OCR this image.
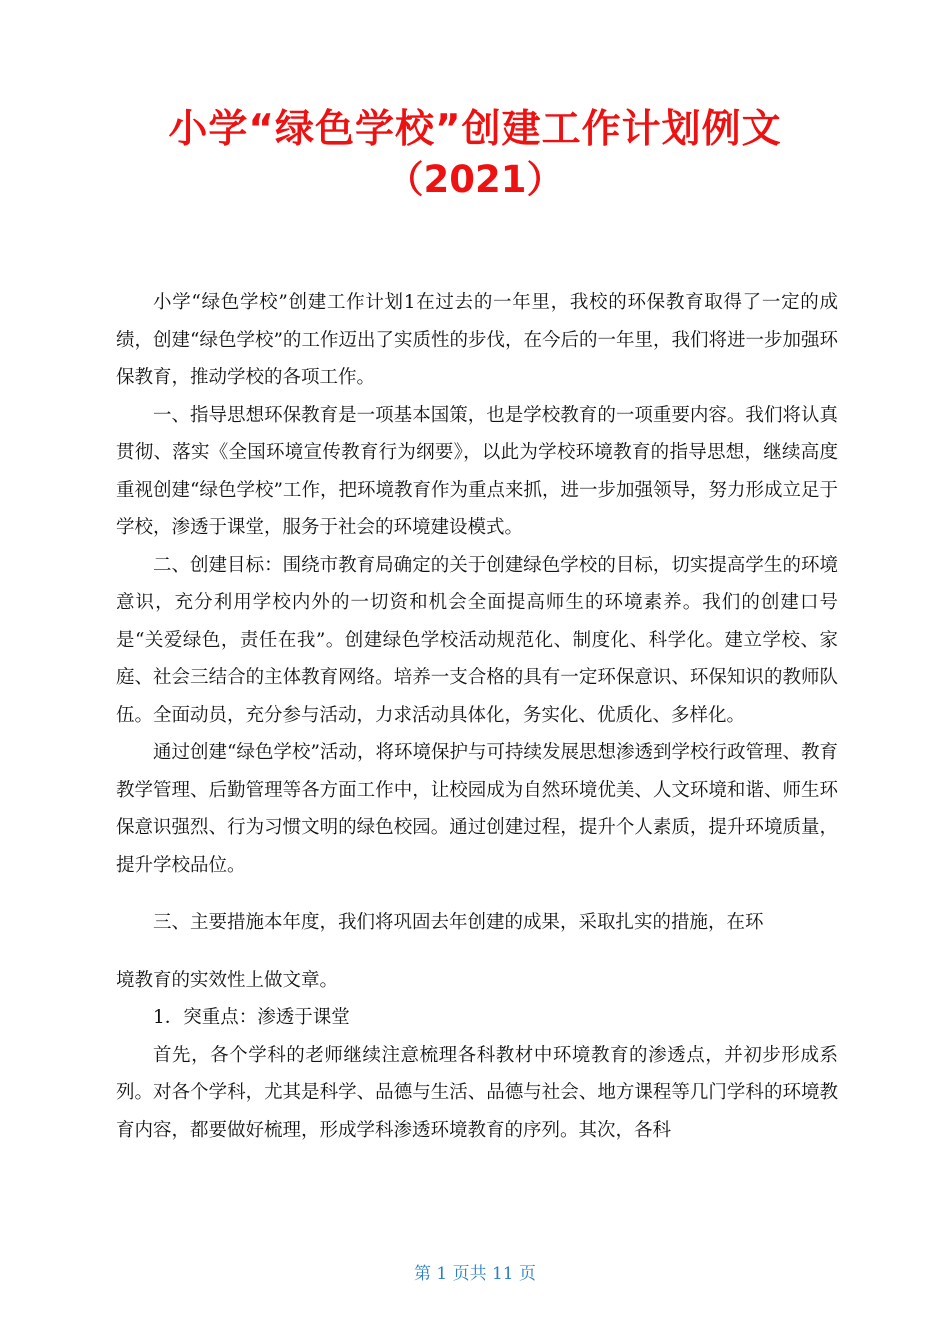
小学“绿色学校”创建工作计划例文
（2021）

小学“绿色学校”创建工作计划1在过去的一年里，我校的环保教育取得了一定的成绩，创建“绿色学校”的工作迈出了实质性的步伐，在今后的一年里，我们将进一步加强环保教育，推动学校的各项工作。

一、指导思想环保教育是一项基本国策，也是学校教育的一项重要内容。我们将认真贯彻、落实《全国环境宣传教育行为纲要》，以此为学校环境教育的指导思想，继续高度重视创建“绿色学校”工作，把环境教育作为重点来抓，进一步加强领导，努力形成立足于学校，渗透于课堂，服务于社会的环境建设模式。

二、创建目标：围绕市教育局确定的关于创建绿色学校的目标，切实提高学生的环境意识，充分利用学校内外的一切资和机会全面提高师生的环境素养。我们的创建口号是“关爱绿色，责任在我”。创建绿色学校活动规范化、制度化、科学化。建立学校、家庭、社会三结合的主体教育网络。培养一支合格的具有一定环保意识、环保知识的教师队伍。全面动员，充分参与活动，力求活动具体化，务实化、优质化、多样化。

通过创建“绿色学校”活动，将环境保护与可持续发展思想渗透到学校行政管理、教育教学管理、后勤管理等各方面工作中，让校园成为自然环境优美、人文环境和谐、师生环保意识强烈、行为习惯文明的绿色校园。通过创建过程，提升个人素质，提升环境质量，提升学校品位。

三、主要措施本年度，我们将巩固去年创建的成果，采取扎实的措施，在环

境教育的实效性上做文章。

1．突重点：渗透于课堂

首先，各个学科的老师继续注意梳理各科教材中环境教育的渗透点，并初步形成系列。对各个学科，尤其是科学、品德与生活、品德与社会、地方课程等几门学科的环境教育内容，都要做好梳理，形成学科渗透环境教育的序列。其次，各科

第 1 页共 11 页
